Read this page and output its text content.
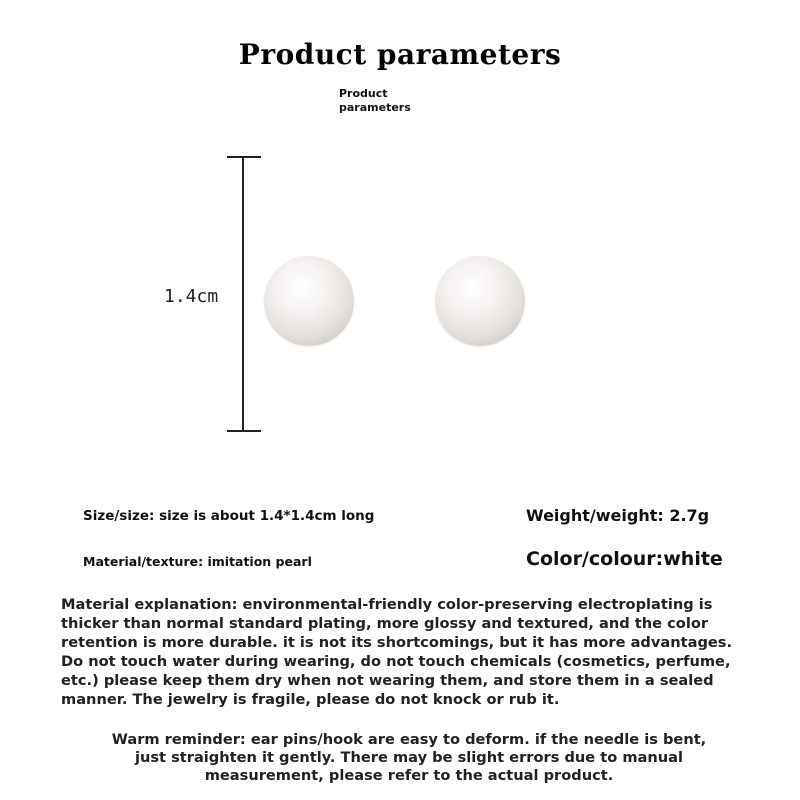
Product parameters
Product parameters
1.4cm
Size/size: size is about 1.4*1.4cm long	Weight/weight: 2.7g
Material/texture: imitation pearl	Color/colour:white
Material explanation: environmental-friendly color-preserving electroplating is thicker than normal standard plating, more glossy and textured, and the color retention is more durable. it is not its shortcomings, but it has more advantages. Do not touch water during wearing, do not touch chemicals (cosmetics, perfume, etc.) please keep them dry when not wearing them, and store them in a sealed manner. The jewelry is fragile, please do not knock or rub it.
Warm reminder: ear pins/hook are easy to deform. if the needle is bent, just straighten it gently. There may be slight errors due to manual measurement, please refer to the actual product.
